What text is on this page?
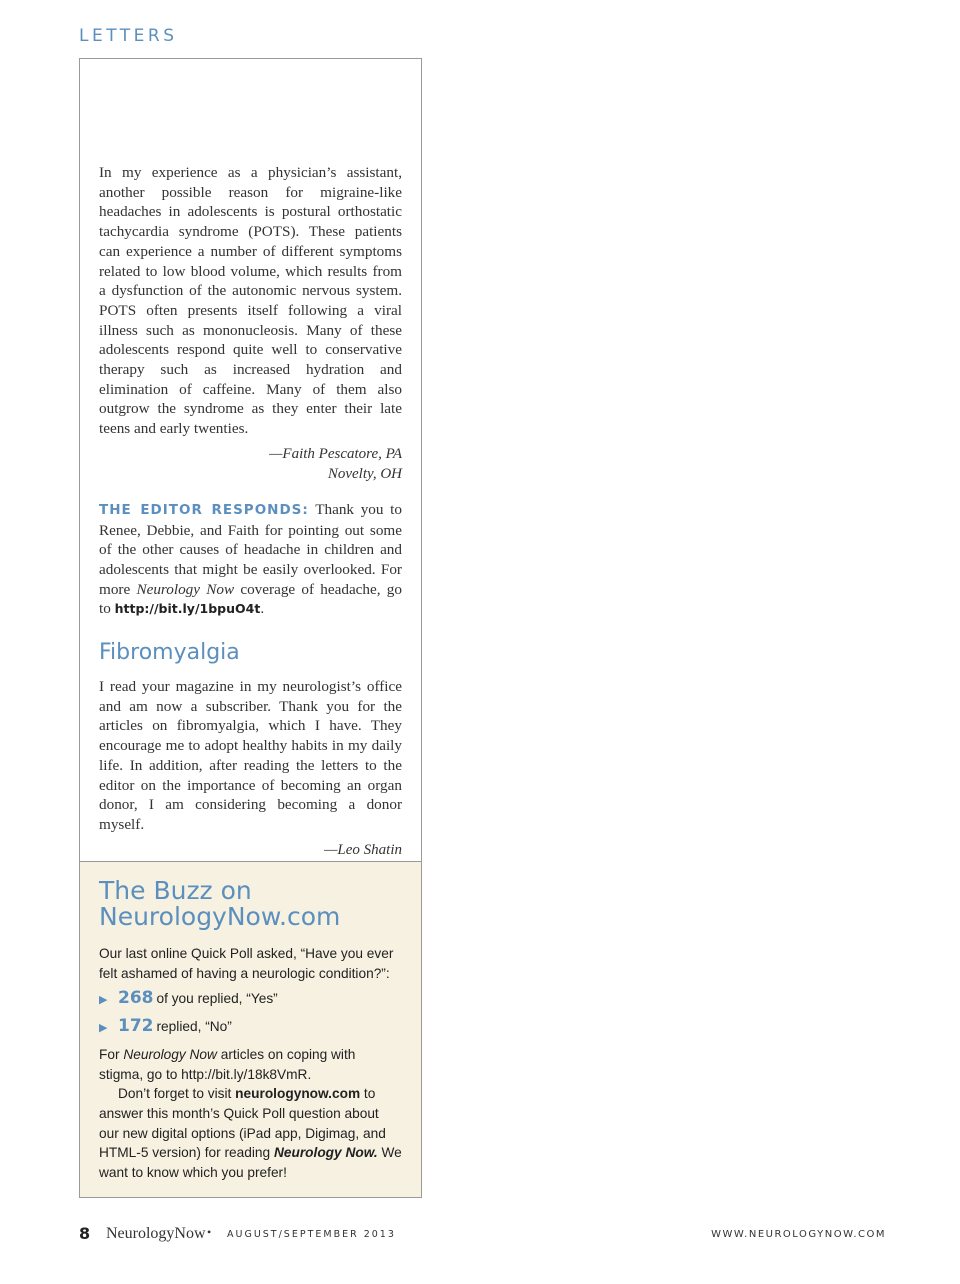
LETTERS

In my experience as a physician’s assistant, another possible reason for migraine-like headaches in adolescents is postural orthostatic tachycardia syndrome (POTS). These patients can experience a number of different symptoms related to low blood volume, which results from a dysfunction of the autonomic nervous system. POTS often presents itself following a viral illness such as mononucleosis. Many of these adolescents respond quite well to conservative therapy such as increased hydration and elimination of caffeine. Many of them also outgrow the syndrome as they enter their late teens and early twenties.

—Faith Pescatore, PA
Novelty, OH

THE EDITOR RESPONDS: Thank you to Renee, Debbie, and Faith for pointing out some of the other causes of headache in children and adolescents that might be easily overlooked. For more Neurology Now coverage of headache, go to http://bit.ly/1bpuO4t.

Fibromyalgia

I read your magazine in my neurologist’s office and am now a subscriber. Thank you for the articles on fibromyalgia, which I have. They encourage me to adopt healthy habits in my daily life. In addition, after reading the letters to the editor on the importance of becoming an organ donor, I am considering becoming a donor myself.

—Leo Shatin
The Buzz on
NeurologyNow.com

Our last online Quick Poll asked, “Have you ever felt ashamed of having a neurologic condition?”:

▶ 268 of you replied, “Yes”
▶ 172 replied, “No”

For Neurology Now articles on coping with stigma, go to http://bit.ly/18k8VmR.

Don’t forget to visit neurologynow.com to answer this month’s Quick Poll question about our new digital options (iPad app, Digimag, and HTML-5 version) for reading Neurology Now. We want to know which you prefer!

8 NeurologyNow • AUGUST/SEPTEMBER 2013	WWW.NEUROLOGYNOW.COM
